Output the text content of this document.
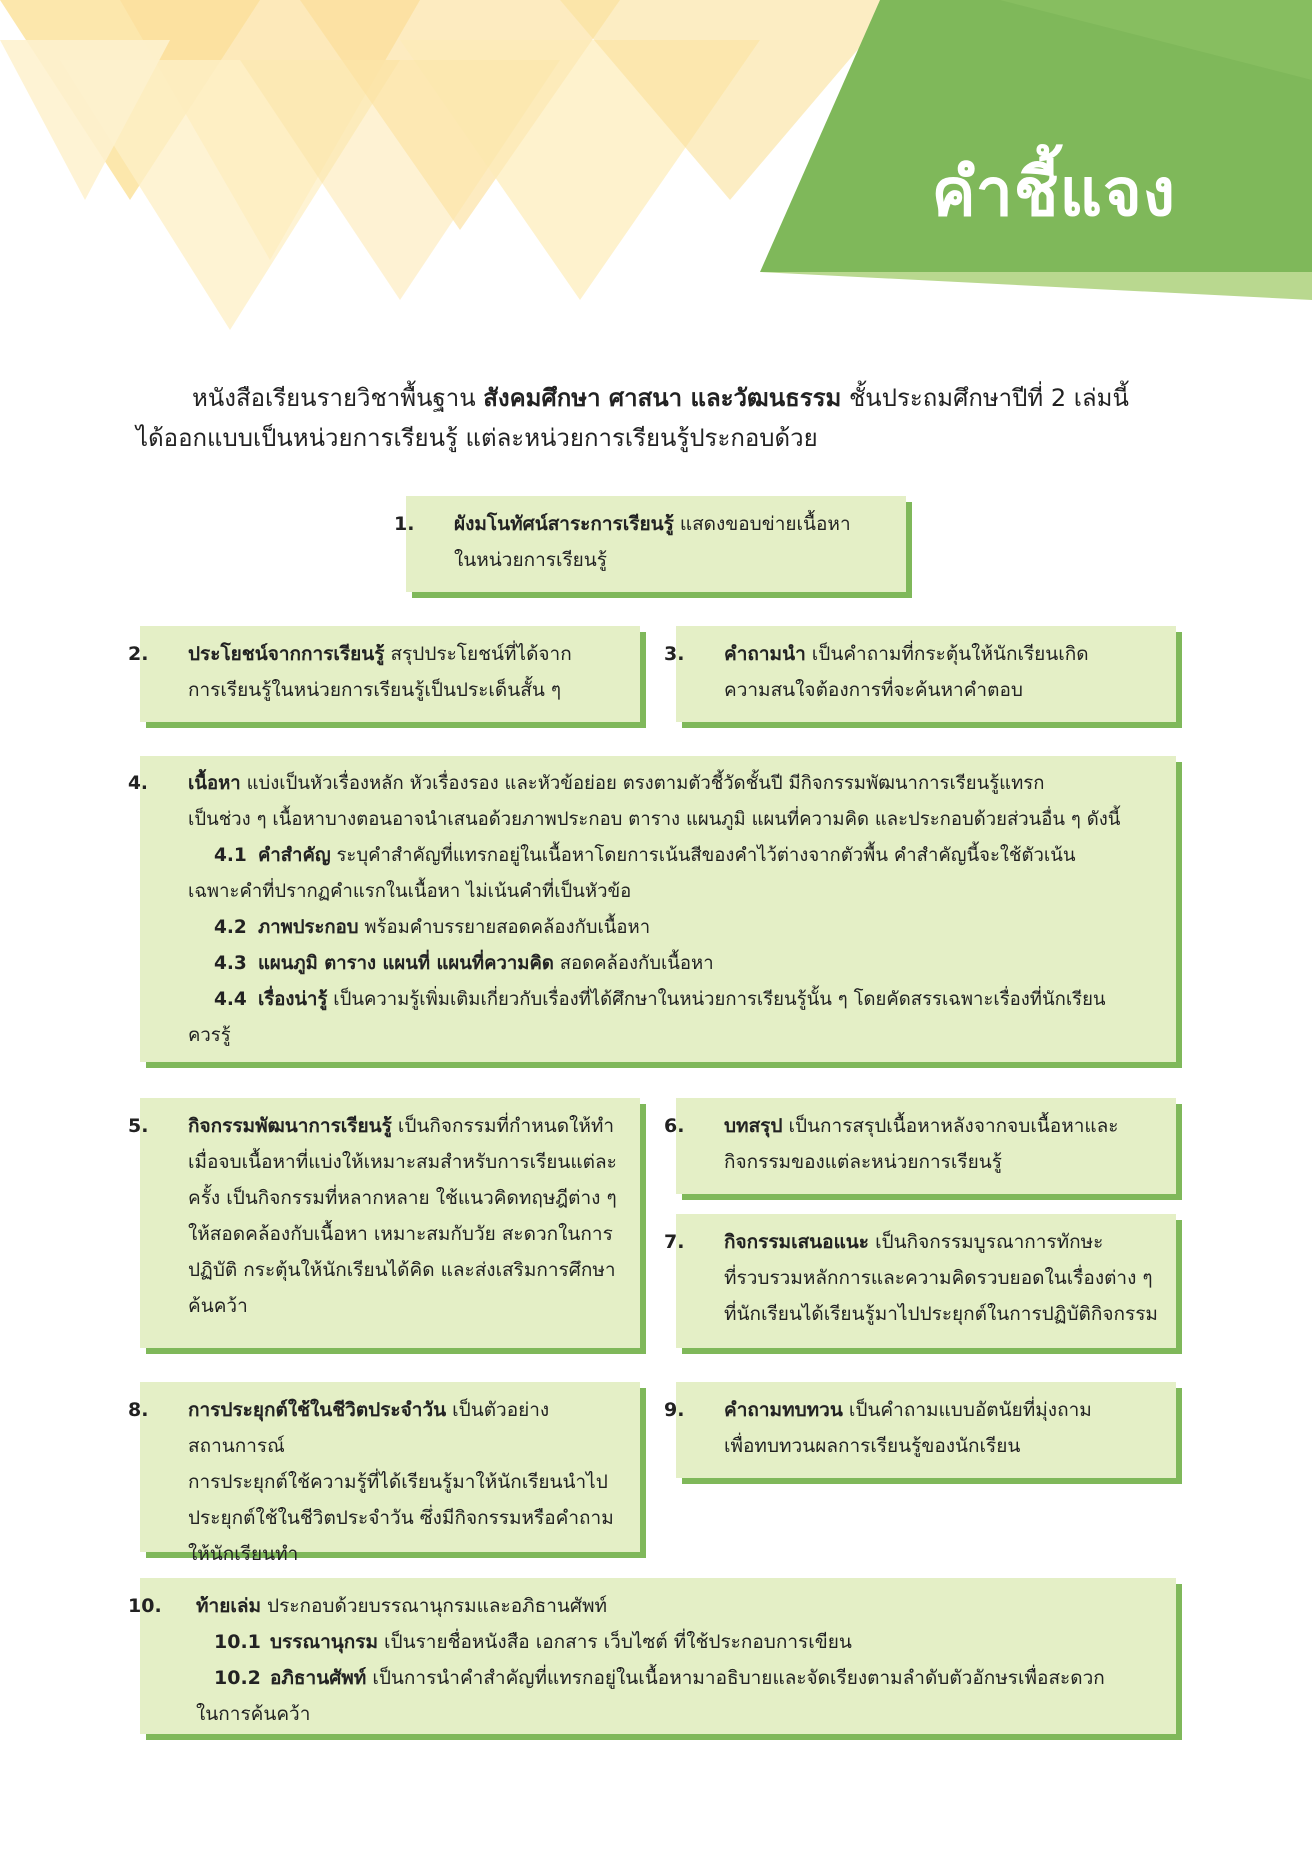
คำชี้แจง
หนังสือเรียนรายวิชาพื้นฐาน สังคมศึกษา ศาสนา และวัฒนธรรม ชั้นประถมศึกษาปีที่ 2 เล่มนี้
ได้ออกแบบเป็นหน่วยการเรียนรู้ แต่ละหน่วยการเรียนรู้ประกอบด้วย

1. ผังมโนทัศน์สาระการเรียนรู้ แสดงขอบข่ายเนื้อหา

ในหน่วยการเรียนรู้

2. ประโยชน์จากการเรียนรู้ สรุปประโยชน์ที่ได้จาก

การเรียนรู้ในหน่วยการเรียนรู้เป็นประเด็นสั้น ๆ

3. คำถามนำ เป็นคำถามที่กระตุ้นให้นักเรียนเกิด

ความสนใจต้องการที่จะค้นหาคำตอบ

4. เนื้อหา แบ่งเป็นหัวเรื่องหลัก หัวเรื่องรอง และหัวข้อย่อย ตรงตามตัวชี้วัดชั้นปี มีกิจกรรมพัฒนาการเรียนรู้แทรก

เป็นช่วง ๆ เนื้อหาบางตอนอาจนำเสนอด้วยภาพประกอบ ตาราง แผนภูมิ แผนที่ความคิด และประกอบด้วยส่วนอื่น ๆ ดังนี้

4.1 คำสำคัญ ระบุคำสำคัญที่แทรกอยู่ในเนื้อหาโดยการเน้นสีของคำไว้ต่างจากตัวพื้น คำสำคัญนี้จะใช้ตัวเน้น

เฉพาะคำที่ปรากฏคำแรกในเนื้อหา ไม่เน้นคำที่เป็นหัวข้อ

4.2 ภาพประกอบ พร้อมคำบรรยายสอดคล้องกับเนื้อหา

4.3 แผนภูมิ ตาราง แผนที่ แผนที่ความคิด สอดคล้องกับเนื้อหา

4.4 เรื่องน่ารู้ เป็นความรู้เพิ่มเติมเกี่ยวกับเรื่องที่ได้ศึกษาในหน่วยการเรียนรู้นั้น ๆ โดยคัดสรรเฉพาะเรื่องที่นักเรียน

ควรรู้

5. กิจกรรมพัฒนาการเรียนรู้ เป็นกิจกรรมที่กำหนดให้ทำ

เมื่อจบเนื้อหาที่แบ่งให้เหมาะสมสำหรับการเรียนแต่ละ

ครั้ง เป็นกิจกรรมที่หลากหลาย ใช้แนวคิดทฤษฎีต่าง ๆ

ให้สอดคล้องกับเนื้อหา เหมาะสมกับวัย สะดวกในการ

ปฏิบัติ กระตุ้นให้นักเรียนได้คิด และส่งเสริมการศึกษา

ค้นคว้า

6. บทสรุป เป็นการสรุปเนื้อหาหลังจากจบเนื้อหาและ

กิจกรรมของแต่ละหน่วยการเรียนรู้

7. กิจกรรมเสนอแนะ เป็นกิจกรรมบูรณาการทักษะ

ที่รวบรวมหลักการและความคิดรวบยอดในเรื่องต่าง ๆ

ที่นักเรียนได้เรียนรู้มาไปประยุกต์ในการปฏิบัติกิจกรรม

8. การประยุกต์ใช้ในชีวิตประจำวัน เป็นตัวอย่างสถานการณ์

การประยุกต์ใช้ความรู้ที่ได้เรียนรู้มาให้นักเรียนนำไป

ประยุกต์ใช้ในชีวิตประจำวัน ซึ่งมีกิจกรรมหรือคำถาม

ให้นักเรียนทำ

9. คำถามทบทวน เป็นคำถามแบบอัตนัยที่มุ่งถาม

เพื่อทบทวนผลการเรียนรู้ของนักเรียน

10. ท้ายเล่ม ประกอบด้วยบรรณานุกรมและอภิธานศัพท์

10.1 บรรณานุกรม เป็นรายชื่อหนังสือ เอกสาร เว็บไซต์ ที่ใช้ประกอบการเขียน

10.2 อภิธานศัพท์ เป็นการนำคำสำคัญที่แทรกอยู่ในเนื้อหามาอธิบายและจัดเรียงตามลำดับตัวอักษรเพื่อสะดวก

ในการค้นคว้า
